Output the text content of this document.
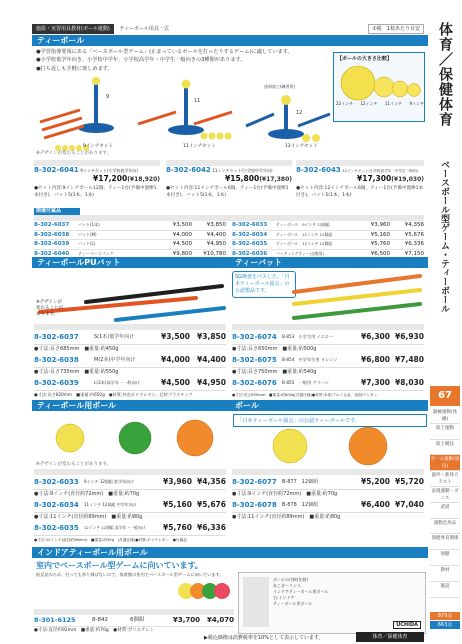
施設・実習用具教材(ボール運動) ティーボール用具一式	①税　1校あたり目安
ティーボール
●学習指導要領にある「ベースボール型ゲーム」(止まっているボールを打ったりするゲーム)に適しています。
●小学校低学年向き、小学校中学年、小学校高学年・中学生一般向きの3種類があります。
●打ち返しも手軽に楽しめます。
【ボールの大きさ比較】
22インチ 12インチ 11インチ 9インチ
9
11
12
塗料加工(練習用)
9インチセット	11インチセット	12インチセット
※デザインが変わることがあります。
8-302-6041 9インチセット(小学校低学年向)
¥17,200(¥18,920)
●セット内容:9インチボール12個、ティー1台(予備中置棒1本付き)、バット5(1本、1本)
8-302-6042 11インチセット(小学校中学年向)
¥15,800(¥17,380)
●セット内容:11インチボール6個、ティー1台(予備中置棒1本付き)、バット5(1本、1本)
8-302-6043 12インチセット(小学校高学年・中学生一般向)
¥17,300(¥19,030)
●セット内容:12インチボール6個、ティー1台(予備中置棒1本付き)、バット5(1本、1本)
関連付属品
8-302-6037 バット(1本)	¥3,500	¥3,850
8-302-6038 バット(M)	¥4,000	¥4,400
8-302-6039 バット(L)	¥4,500	¥4,950
8-302-6040 ティーベースパック	¥9,800 ¥10,780
8-302-6033 ティーボール　9インチ 12個組	¥3,960	¥4,356
8-302-6034 ティーボール　11インチ 12個組	¥5,160	¥5,676
8-302-6035 ティーボール　12インチ 12個組	¥5,760	¥6,336
8-302-6036 バッティングティー(交換用)	¥6,500	¥7,150
ティーボールPUバット
※デザインが変わることがあります。
8-302-6037	S(1本)低学年向け	¥3,500 ¥3,850
●寸法:長さ685mm　■重量:約450g
8-302-6038	M(2本)中学年向け	¥4,000 ¥4,400
●寸法:長さ735mm　■重量:約550g
8-302-6039	L(3本)高学年・一般向け	¥4,500 ¥4,950
●寸法:長さ820mm　■重量:約650g　●材質:外皮ポリウレタン、芯材プラスチック
ティーバット
SG検査をパスした、「日本ティーボール協会」の公認製品です。
8-302-6074 B-853　小学生用 イエロー	¥6,300 ¥6,930
●寸法:長さ650mm　■重量:約500g
8-302-6075 B-854　中学年生用 オレンジ	¥6,800 ¥7,480
●寸法:長さ750mm　■重量:約540g
8-302-6076 B-855　一般用 グリーン	¥7,300 ¥8,030
●寸法:長さ835mm　■重量:約600g(共通仕様)●材質:本体/アルミ合金、表面/ウレタン
ティーボール用ボール
※デザインが変わることがあります。
8-302-6033 9インチ 12個組 低学年向け	¥3,960 ¥4,356
●寸法:9インチ(直径約72mm)　■重量:約70g
8-302-6034 11インチ 12個組 中学年向け	¥5,160 ¥5,676
●寸法:11インチ(直径約89mm)　■重量:約80g
8-302-6035 12インチ 12個組 高学年・一般向け ¥5,760 ¥6,336
●寸法:12インチ(直径約96mm)　■重量:約95g　(共通仕様)●材質:ポリウレタン　●付属品
ボール
「日本ティーボール協会」の公認ティーボールです。
8-302-6077 B-877　12個組	¥5,200 ¥5,720
●寸法:9インチ(直径約72mm)　■重量:約70g
8-302-6078 B-878　12個組	¥6,400 ¥7,040
●寸法:11インチ(直径約89mm)　■重量:約80g
インドアティーボール用ボール
室内でベースボール型ゲームに向いています。
低反発のため、打っても余り飛ばないので、体育館の室内でベースボール型ゲームに向いています。
8-301-6125	8-842	6個組	¥3,700 ¥4,070
●寸法:直径約92mm　■重量:約70g　●材質:ポリエチレン
ボールの比較(比較)
あこガーリンス
インドアティーボール用ボール
右:インドア
ティーボール用ボール
UCHIDA
▶税込価格は消費税率を10%として表示しています。	体育／保健体育
体育／保健体育
ベースボール型ゲーム・ティーボール
67
器械運動(体操)
陸上運動
陸上競技
ボール運動(球技)
器外・新体力テスト
表現運動・ダンス
武道
運動会用品
保健体育関係
保健
教材
施設
879点
663点
